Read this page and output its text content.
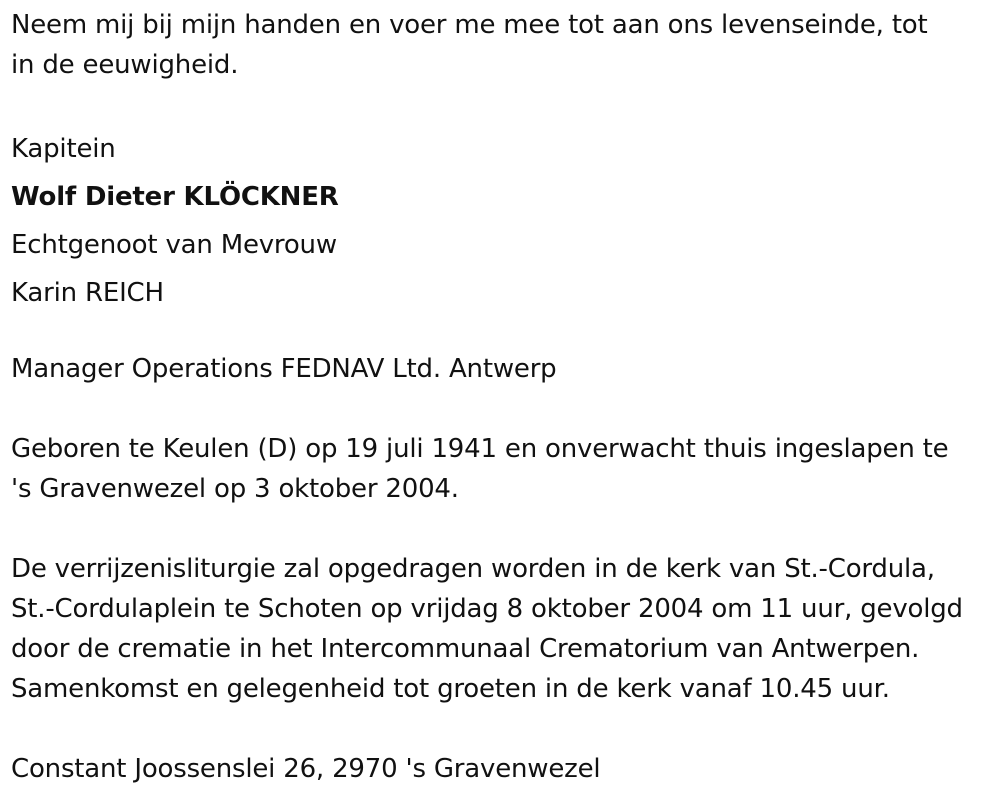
Neem mij bij mijn handen en voer me mee tot aan ons levenseinde, tot
in de eeuwigheid.
Kapitein
Wolf Dieter KLÖCKNER
Echtgenoot van Mevrouw
Karin REICH
Manager Operations FEDNAV Ltd. Antwerp
Geboren te Keulen (D) op 19 juli 1941 en onverwacht thuis ingeslapen te
's Gravenwezel op 3 oktober 2004.
De verrijzenisliturgie zal opgedragen worden in de kerk van St.-Cordula,
St.-Cordulaplein te Schoten op vrijdag 8 oktober 2004 om 11 uur, gevolgd
door de crematie in het Intercommunaal Crematorium van Antwerpen.
Samenkomst en gelegenheid tot groeten in de kerk vanaf 10.45 uur.
Constant Joossenslei 26, 2970 's Gravenwezel
